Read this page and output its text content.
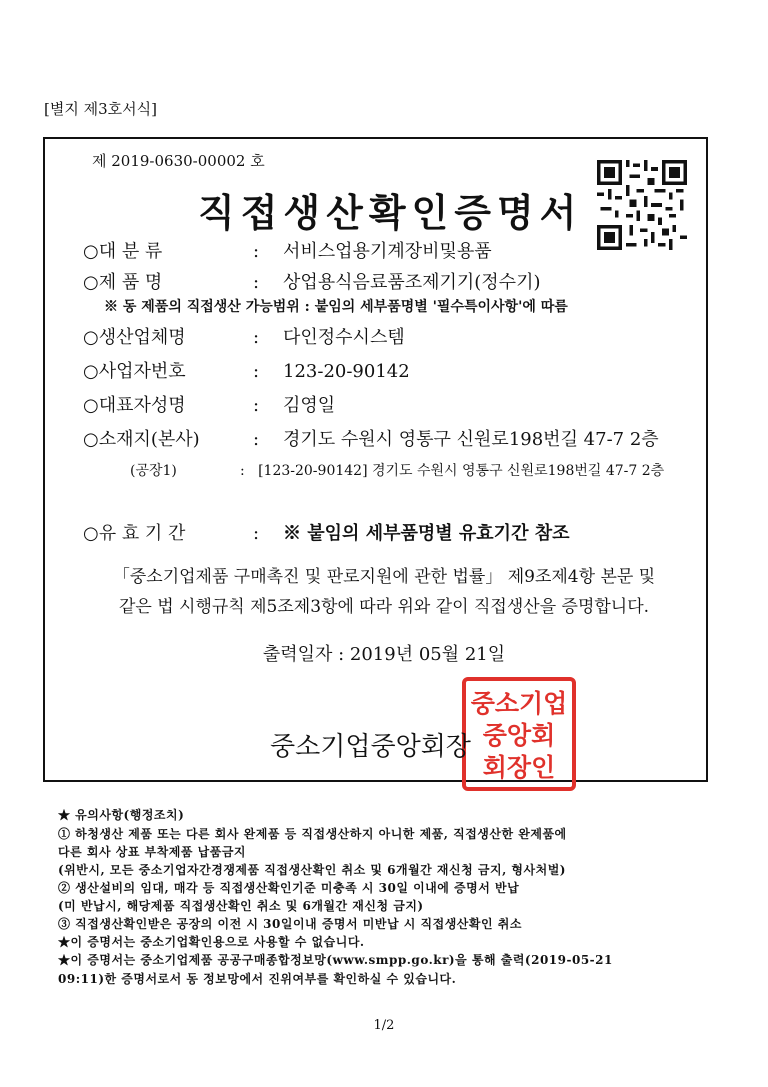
[별지 제3호서식]
제 2019-0630-00002 호
직접생산확인증명서
○대 분 류	: 서비스업용기계장비및용품
○제 품 명	: 상업용식음료품조제기기(정수기)
※ 동 제품의 직접생산 가능범위 : 붙임의 세부품명별 '필수특이사항'에 따름
○생산업체명	: 다인정수시스템
○사업자번호	: 123-20-90142
○대표자성명	: 김영일
○소재지(본사)	: 경기도 수원시 영통구 신원로198번길 47-7 2층
(공장1)	: [123-20-90142] 경기도 수원시 영통구 신원로198번길 47-7 2층
○유 효 기 간	: ※ 붙임의 세부품명별 유효기간 참조
「중소기업제품 구매촉진 및 판로지원에 관한 법률」 제9조제4항 본문 및
같은 법 시행규칙 제5조제3항에 따라 위와 같이 직접생산을 증명합니다.
출력일자 : 2019년 05월 21일
중소기업
중앙회
회장인
중소기업중앙회장
★ 유의사항(행정조치)
① 하청생산 제품 또는 다른 회사 완제품 등 직접생산하지 아니한 제품, 직접생산한 완제품에
다른 회사 상표 부착제품 납품금지
(위반시, 모든 중소기업자간경쟁제품 직접생산확인 취소 및 6개월간 재신청 금지, 형사처벌)
② 생산설비의 임대, 매각 등 직접생산확인기준 미충족 시 30일 이내에 증명서 반납
(미 반납시, 해당제품 직접생산확인 취소 및 6개월간 재신청 금지)
③ 직접생산확인받은 공장의 이전 시 30일이내 증명서 미반납 시 직접생산확인 취소
★이 증명서는 중소기업확인용으로 사용할 수 없습니다.
★이 증명서는 중소기업제품 공공구매종합정보망(www.smpp.go.kr)을 통해 출력(2019-05-21
09:11)한 증명서로서 동 정보망에서 진위여부를 확인하실 수 있습니다.
1/2
